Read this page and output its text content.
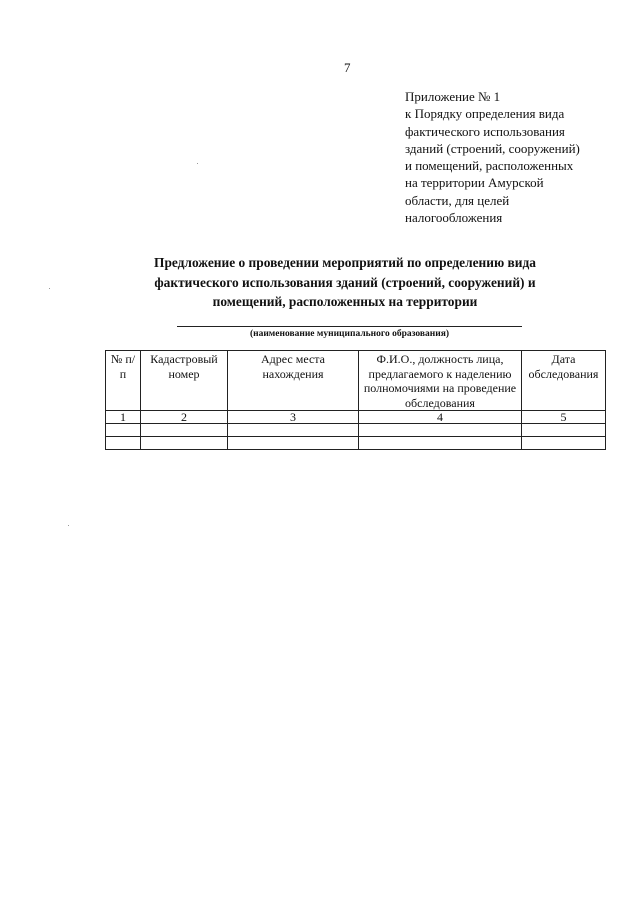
7
Приложение № 1
к Порядку определения вида
фактического использования
зданий (строений, сооружений)
и помещений, расположенных
на территории Амурской
области, для целей
налогообложения
Предложение о проведении мероприятий по определению вида
фактического использования зданий (строений, сооружений) и
помещений, расположенных на территории
(наименование муниципального образования)
№ п/п	Кадастровый номер	Адрес места нахождения	Ф.И.О., должность лица, предлагаемого к наделению полномочиями на проведение обследования	Дата обследования
1	2	3	4	5
